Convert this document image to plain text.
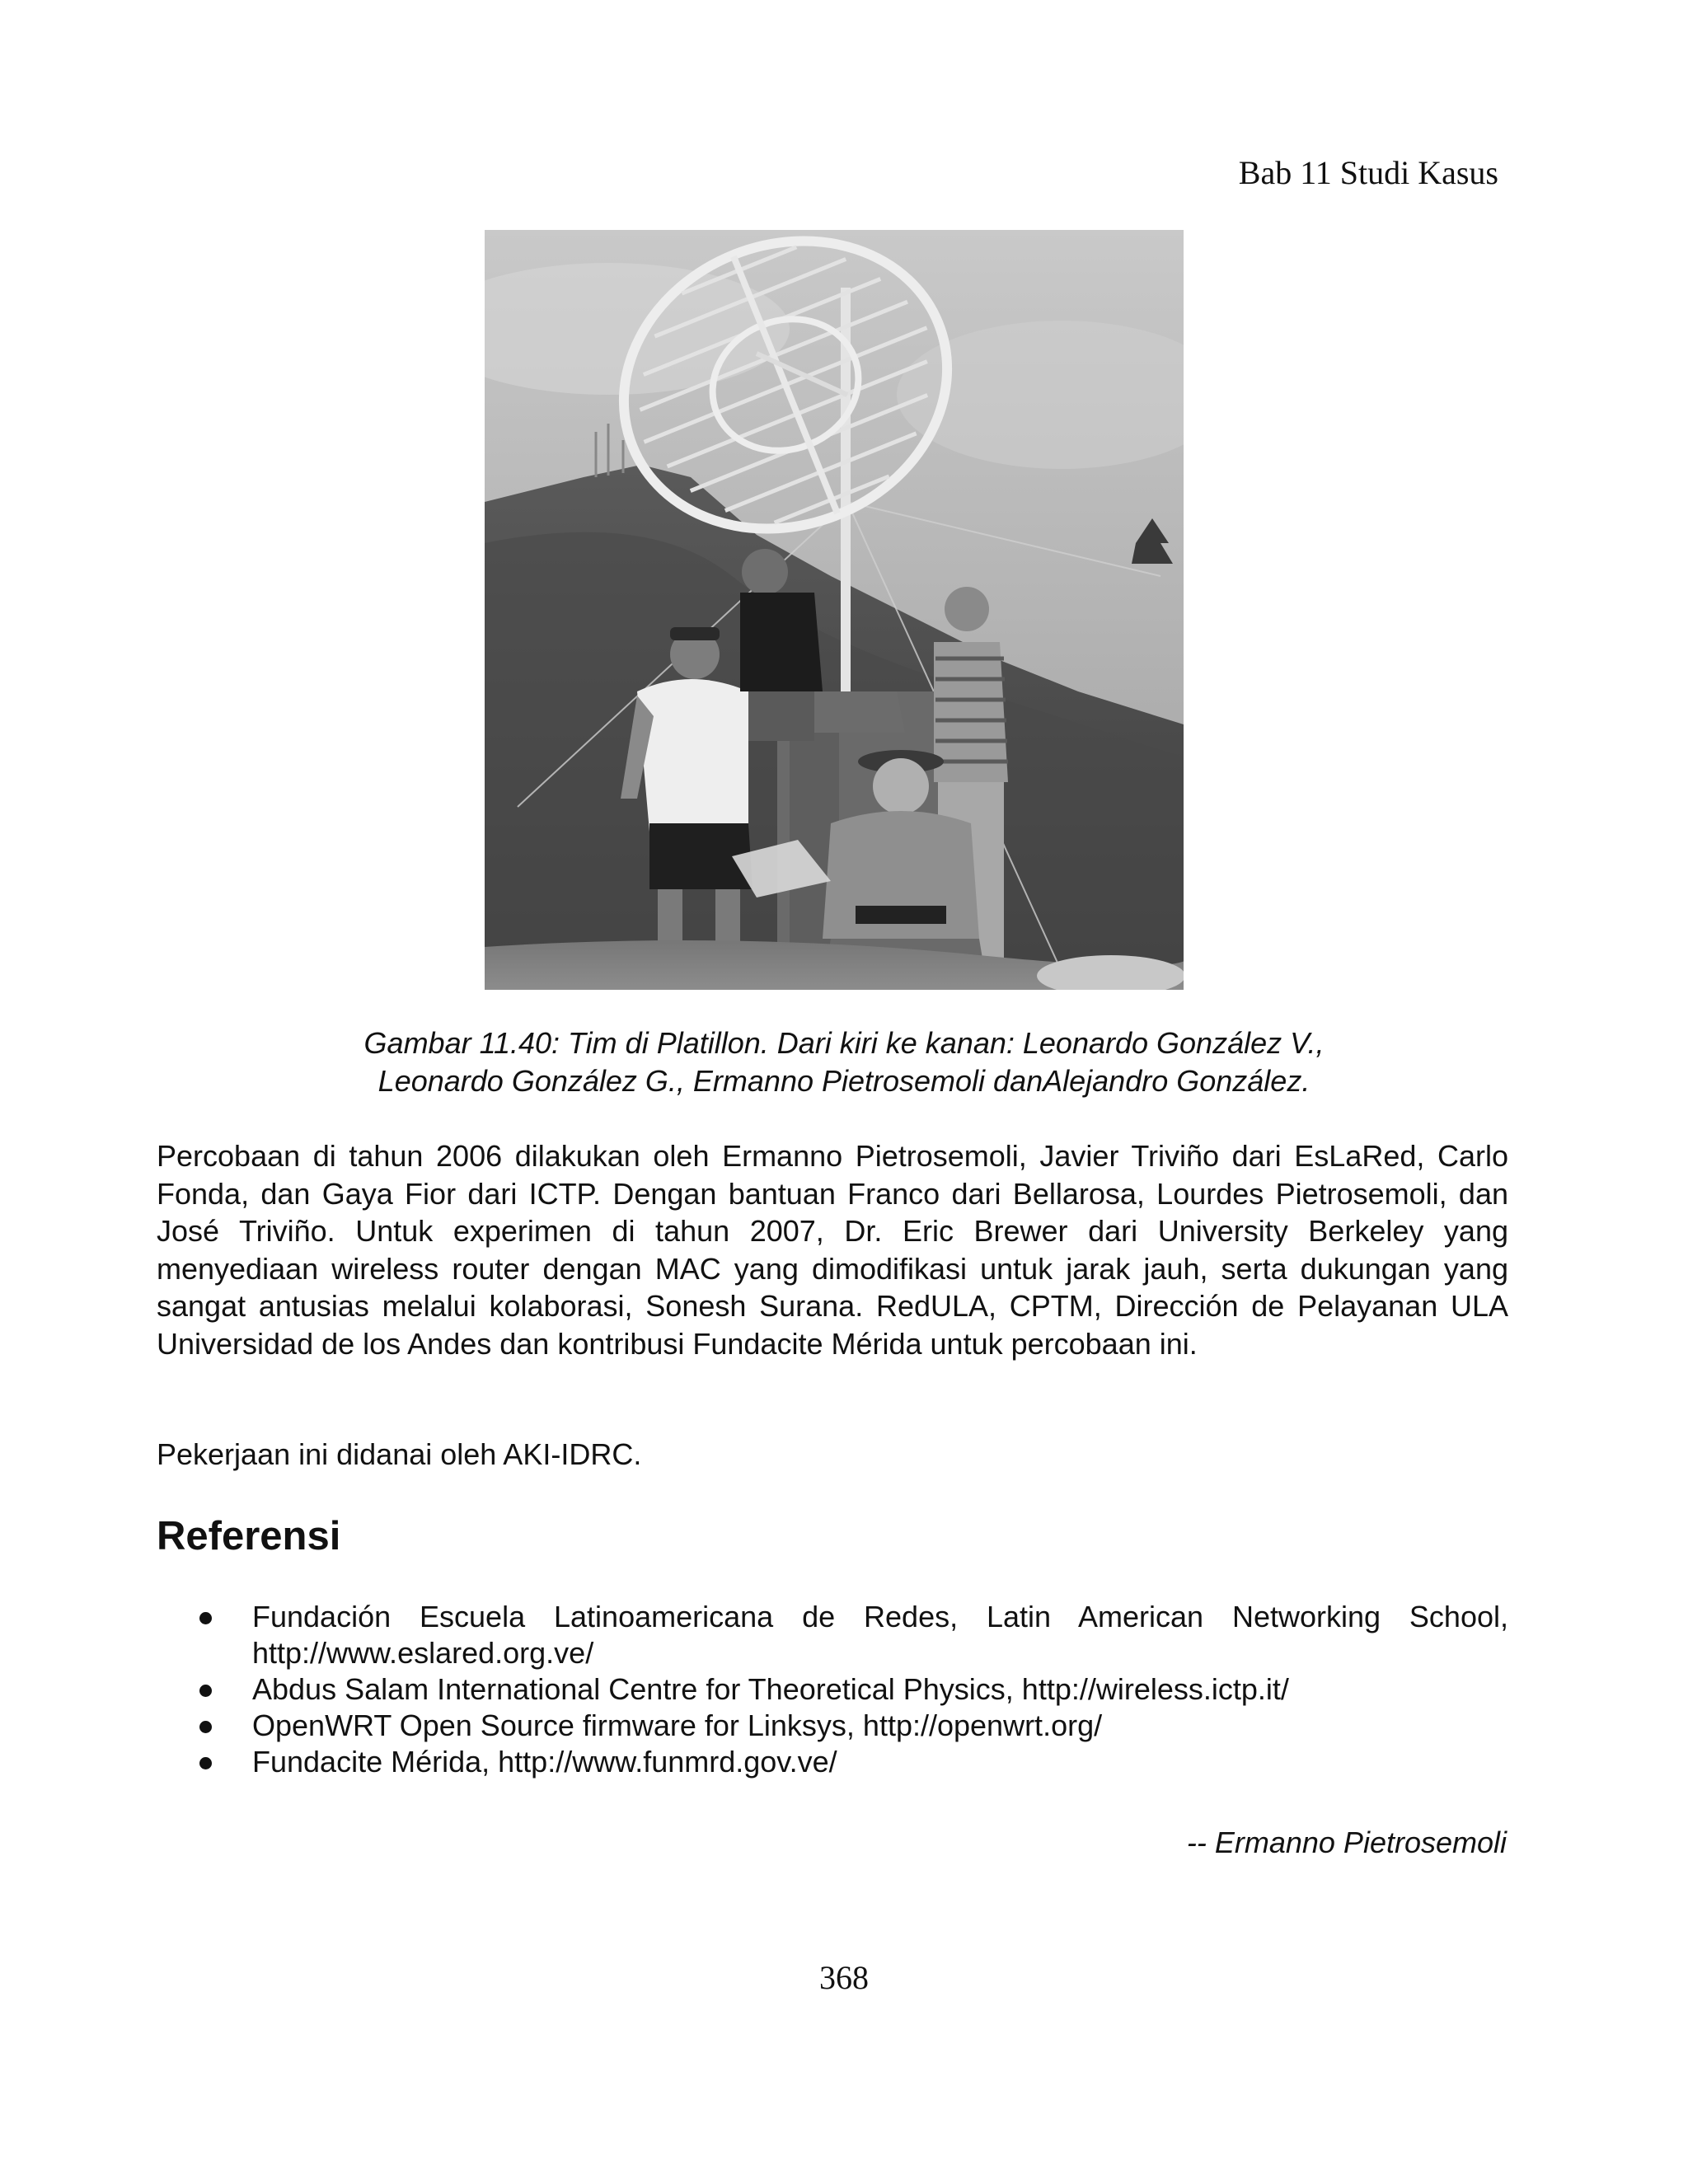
Bab 11 Studi Kasus
Gambar 11.40: Tim di Platillon. Dari kiri ke kanan: Leonardo González V.,
Leonardo González G., Ermanno Pietrosemoli danAlejandro González.

Percobaan di tahun 2006 dilakukan oleh Ermanno Pietrosemoli, Javier Triviño dari EsLaRed, Carlo Fonda, dan Gaya Fior dari ICTP. Dengan bantuan Franco dari Bellarosa, Lourdes Pietrosemoli, dan José Triviño. Untuk experimen di tahun 2007, Dr. Eric Brewer dari University Berkeley yang menyediaan wireless router dengan MAC yang dimodifikasi untuk jarak jauh, serta dukungan yang sangat antusias melalui kolaborasi, Sonesh Surana. RedULA, CPTM, Dirección de Pelayanan ULA Universidad de los Andes dan kontribusi Fundacite Mérida untuk percobaan ini.

Pekerjaan ini didanai oleh AKI-IDRC.

Referensi
Fundación Escuela Latinoamericana de Redes, Latin American Networking School, http://www.eslared.org.ve/
Abdus Salam International Centre for Theoretical Physics, http://wireless.ictp.it/
OpenWRT Open Source firmware for Linksys, http://openwrt.org/
Fundacite Mérida, http://www.funmrd.gov.ve/
-- Ermanno Pietrosemoli
368
